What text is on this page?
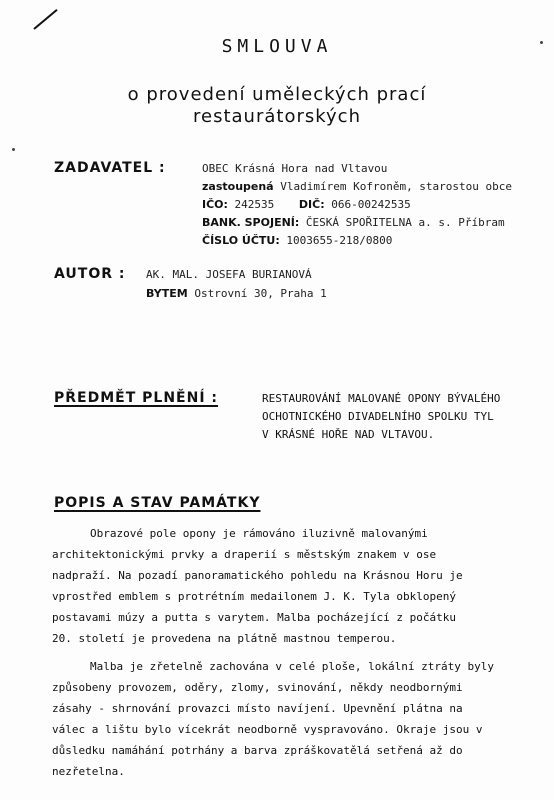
SMLOUVA
o provedení uměleckých prací
restaurátorských
ZADAVATEL :	OBEC Krásná Hora nad Vltavou
zastoupená Vladimírem Kofroněm, starostou obce
IČO: 242535 DIČ: 066-00242535
BANK. SPOJENÍ: ČESKÁ SPOŘITELNA a. s. Příbram
ČÍSLO ÚČTU: 1003655-218/0800
AUTOR : AK. MAL. JOSEFA BURIANOVÁ
BYTEM Ostrovní 30, Praha 1
PŘEDMĚT PLNĚNÍ :	RESTAUROVÁNÍ MALOVANÉ OPONY BÝVALÉHO
OCHOTNICKÉHO DIVADELNÍHO SPOLKU TYL
V KRÁSNÉ HOŘE NAD VLTAVOU.
POPIS A STAV PAMÁTKY
Obrazové pole opony je rámováno iluzivně malovanými
architektonickými prvky a draperií s městským znakem v ose
nadpraží. Na pozadí panoramatického pohledu na Krásnou Horu je
vprostřed emblem s protrétním medailonem J. K. Tyla obklopený
postavami múzy a putta s varytem. Malba pocházející z počátku
20. století je provedena na plátně mastnou temperou.
Malba je zřetelně zachována v celé ploše, lokální ztráty byly
způsobeny provozem, oděry, zlomy, svinování, někdy neodbornými
zásahy - shrnování provazci místo navíjení. Upevnění plátna na
válec a lištu bylo vícekrát neodborně vyspravováno. Okraje jsou v
důsledku namáhání potrhány a barva zpráškovatělá setřená až do
nezřetelna.
